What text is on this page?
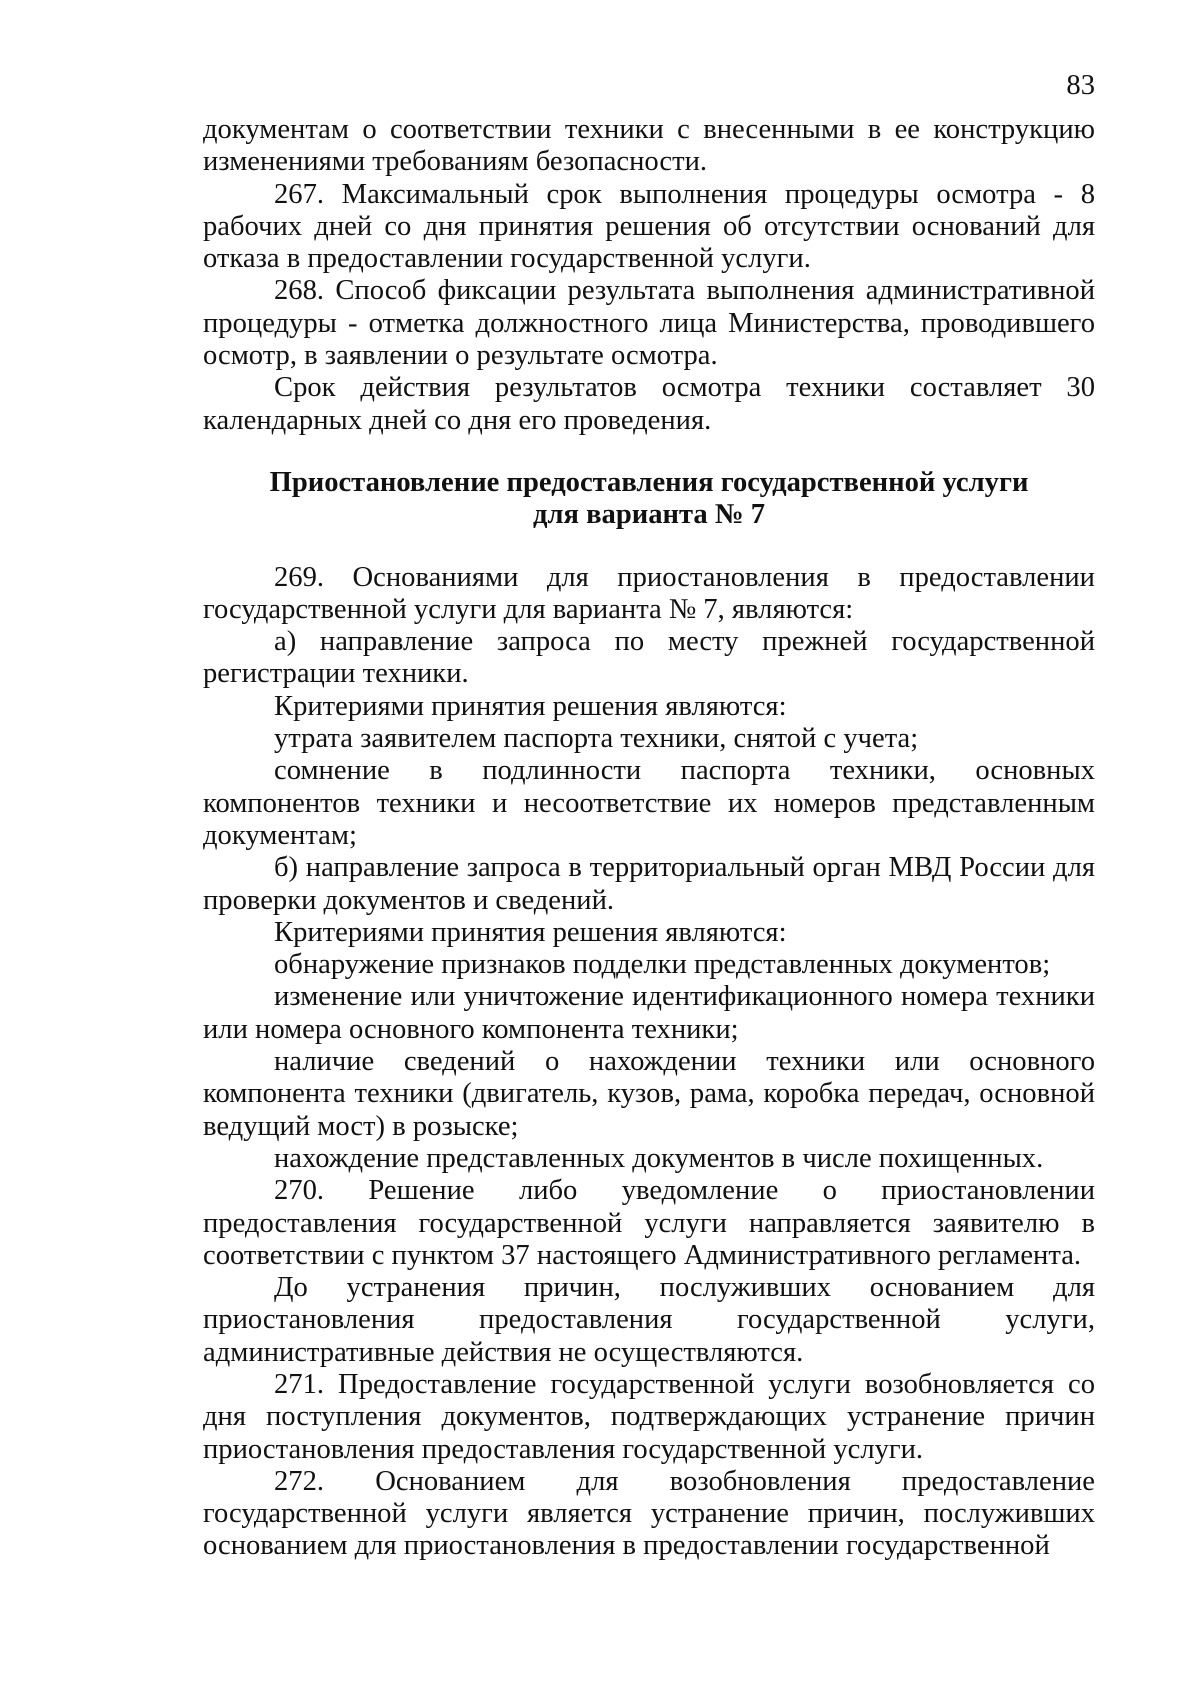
83

документам о соответствии техники с внесенными в ее конструкцию изменениями требованиям безопасности.

267. Максимальный срок выполнения процедуры осмотра - 8 рабочих дней со дня принятия решения об отсутствии оснований для отказа в предоставлении государственной услуги.

268. Способ фиксации результата выполнения административной процедуры - отметка должностного лица Министерства, проводившего осмотр, в заявлении о результате осмотра.

Срок действия результатов осмотра техники составляет 30 календарных дней со дня его проведения.

Приостановление предоставления государственной услуги

для варианта № 7

269. Основаниями для приостановления в предоставлении государственной услуги для варианта № 7, являются:

а) направление запроса по месту прежней государственной регистрации техники.

Критериями принятия решения являются:

утрата заявителем паспорта техники, снятой с учета;

сомнение в подлинности паспорта техники, основных компонентов техники и несоответствие их номеров представленным документам;

б) направление запроса в территориальный орган МВД России для проверки документов и сведений.

Критериями принятия решения являются:

обнаружение признаков подделки представленных документов;

изменение или уничтожение идентификационного номера техники или номера основного компонента техники;

наличие сведений о нахождении техники или основного компонента техники (двигатель, кузов, рама, коробка передач, основной ведущий мост) в розыске;

нахождение представленных документов в числе похищенных.

270. Решение либо уведомление о приостановлении предоставления государственной услуги направляется заявителю в соответствии с пунктом 37 настоящего Административного регламента.

До устранения причин, послуживших основанием для приостановления предоставления государственной услуги, административные действия не осуществляются.

271. Предоставление государственной услуги возобновляется со дня поступления документов, подтверждающих устранение причин приостановления предоставления государственной услуги.

272. Основанием для возобновления предоставление государственной услуги является устранение причин, послуживших основанием для приостановления в предоставлении государственной
